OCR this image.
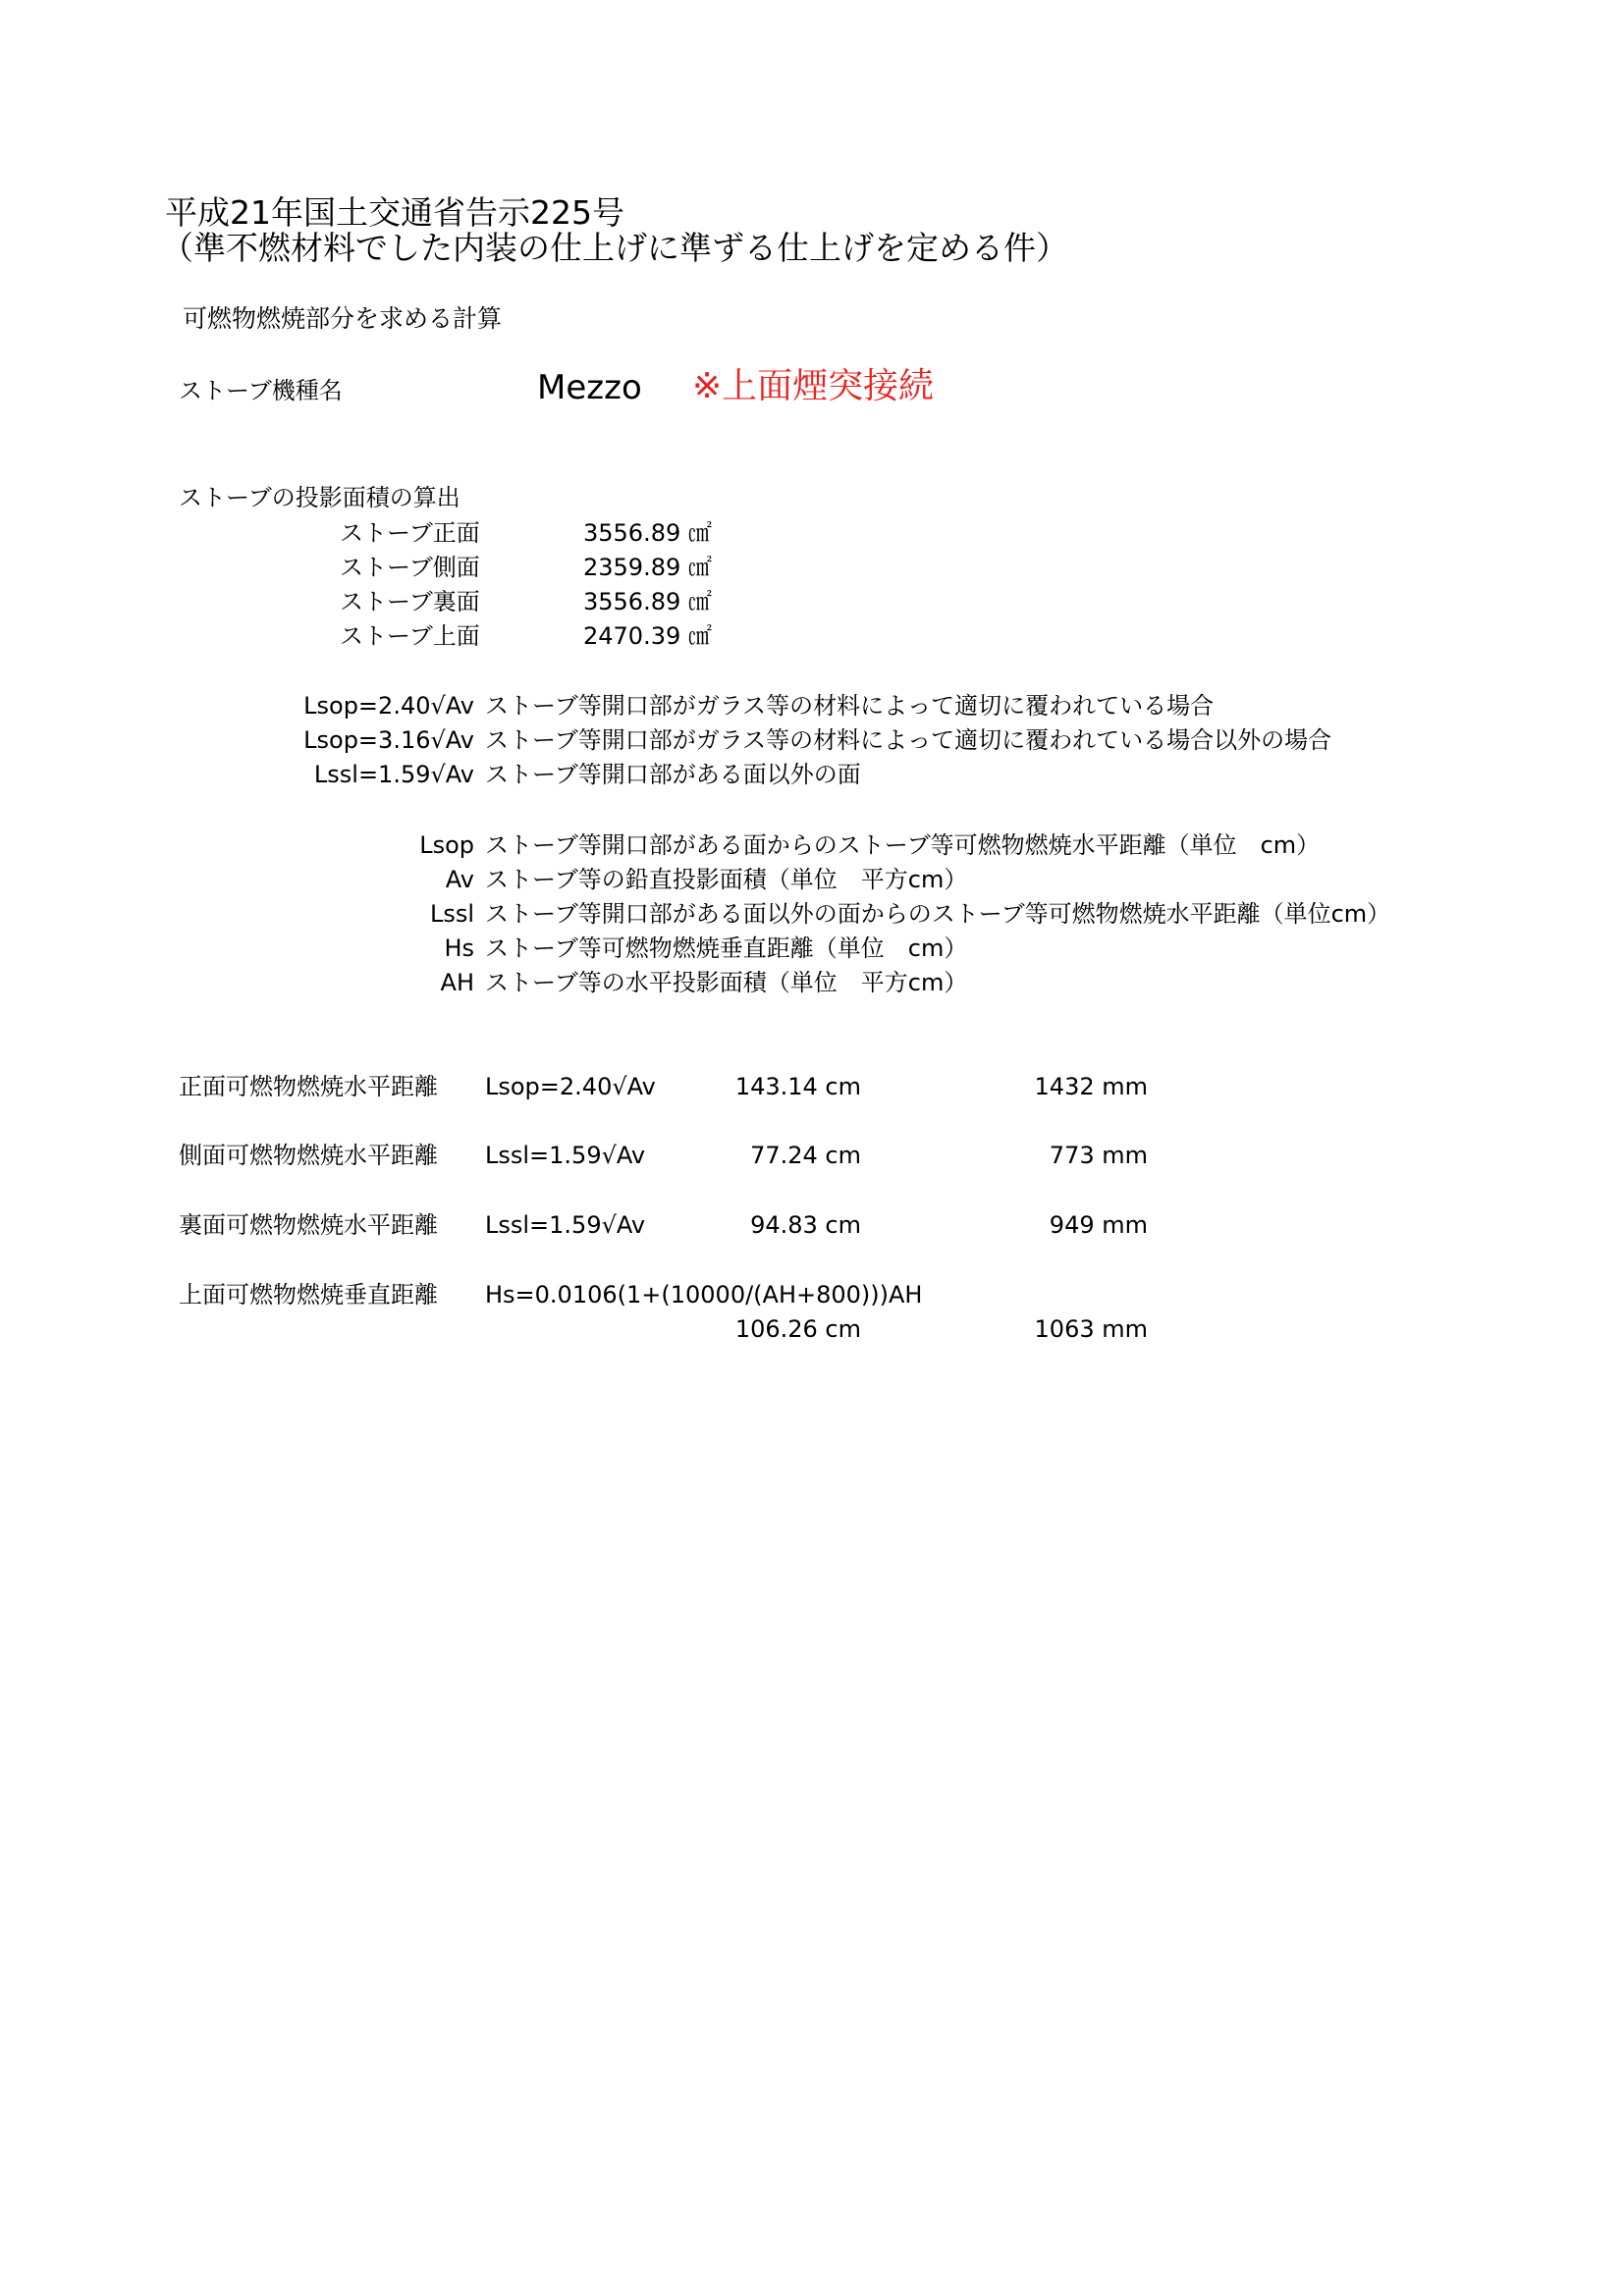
平成21年国土交通省告示225号
（準不燃材料でした内装の仕上げに準ずる仕上げを定める件）
可燃物燃焼部分を求める計算
ストーブ機種名	Mezzo ※上面煙突接続
ストーブの投影面積の算出
ストーブ正面	3556.89 ㎠
ストーブ側面	2359.89 ㎠
ストーブ裏面	3556.89 ㎠
ストーブ上面	2470.39 ㎠
Lsop=2.40√Av ストーブ等開口部がガラス等の材料によって適切に覆われている場合
Lsop=3.16√Av ストーブ等開口部がガラス等の材料によって適切に覆われている場合以外の場合
Lssl=1.59√Av ストーブ等開口部がある面以外の面
Lsop ストーブ等開口部がある面からのストーブ等可燃物燃焼水平距離（単位　cm）
Av ストーブ等の鉛直投影面積（単位　平方cm）
Lssl ストーブ等開口部がある面以外の面からのストーブ等可燃物燃焼水平距離（単位cm）
Hs ストーブ等可燃物燃焼垂直距離（単位　cm）
AH ストーブ等の水平投影面積（単位　平方cm）
正面可燃物燃焼水平距離 Lsop=2.40√Av	143.14 cm	1432 mm
側面可燃物燃焼水平距離 Lssl=1.59√Av	77.24 cm	773 mm
裏面可燃物燃焼水平距離 Lssl=1.59√Av	94.83 cm	949 mm
上面可燃物燃焼垂直距離 Hs=0.0106(1+(10000/(AH+800)))AH
106.26 cm	1063 mm
